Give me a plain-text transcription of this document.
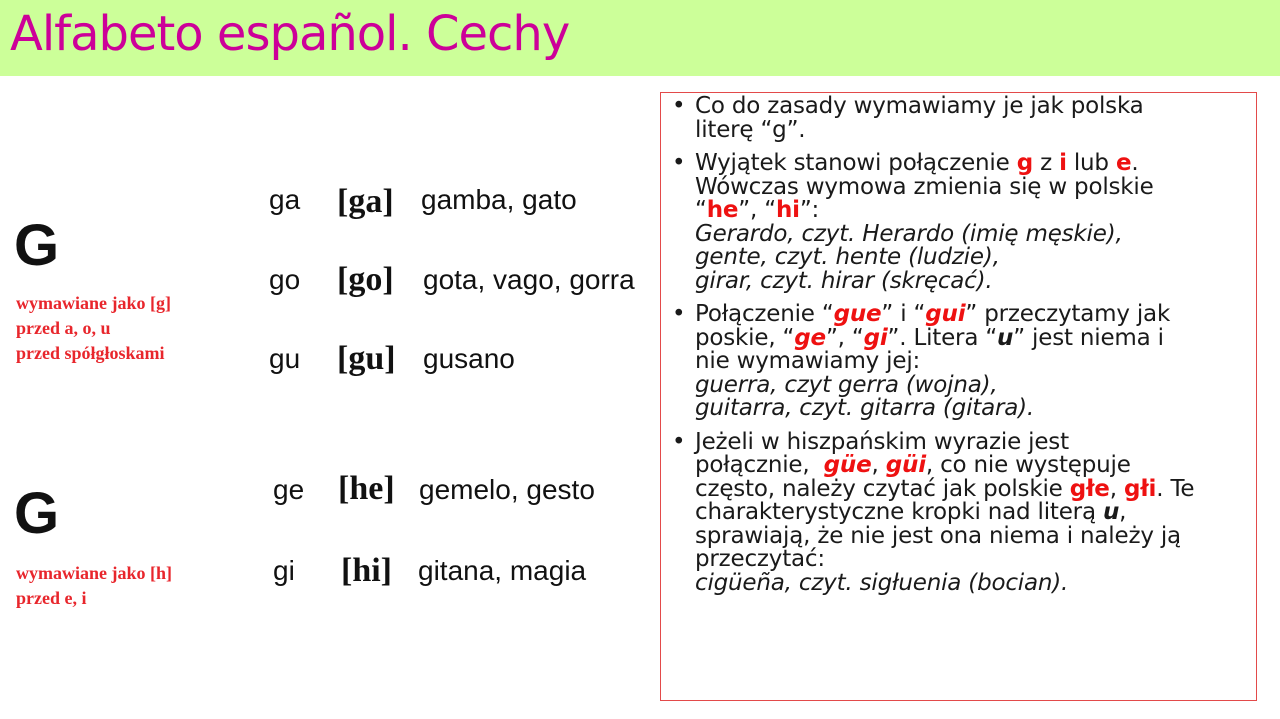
Alfabeto español. Cechy
G
wymawiane jako [g]
przed a, o, u
przed spółgłoskami
ga [ga] gamba, gato
go [go] gota, vago, gorra
gu [gu] gusano
G
wymawiane jako [h]
przed e, i
ge [he] gemelo, gesto
gi [hi] gitana, magia
• Co do zasady wymawiamy je jak polska
literę “g”.
• Wyjątek stanowi połączenie g z i lub e.
Wówczas wymowa zmienia się w polskie
“he”, “hi”:
Gerardo, czyt. Herardo (imię męskie),
gente, czyt. hente (ludzie),
girar, czyt. hirar (skręcać).
• Połączenie “gue” i “gui” przeczytamy jak
poskie, “ge”, “gi”. Litera “u” jest niema i
nie wymawiamy jej:
guerra, czyt gerra (wojna),
guitarra, czyt. gitarra (gitara).
• Jeżeli w hiszpańskim wyrazie jest
połącznie,  güe, güi, co nie występuje
często, należy czytać jak polskie głe, głi. Te
charakterystyczne kropki nad literą u,
sprawiają, że nie jest ona niema i należy ją
przeczytać:
cigüeña, czyt. sigłuenia (bocian).
